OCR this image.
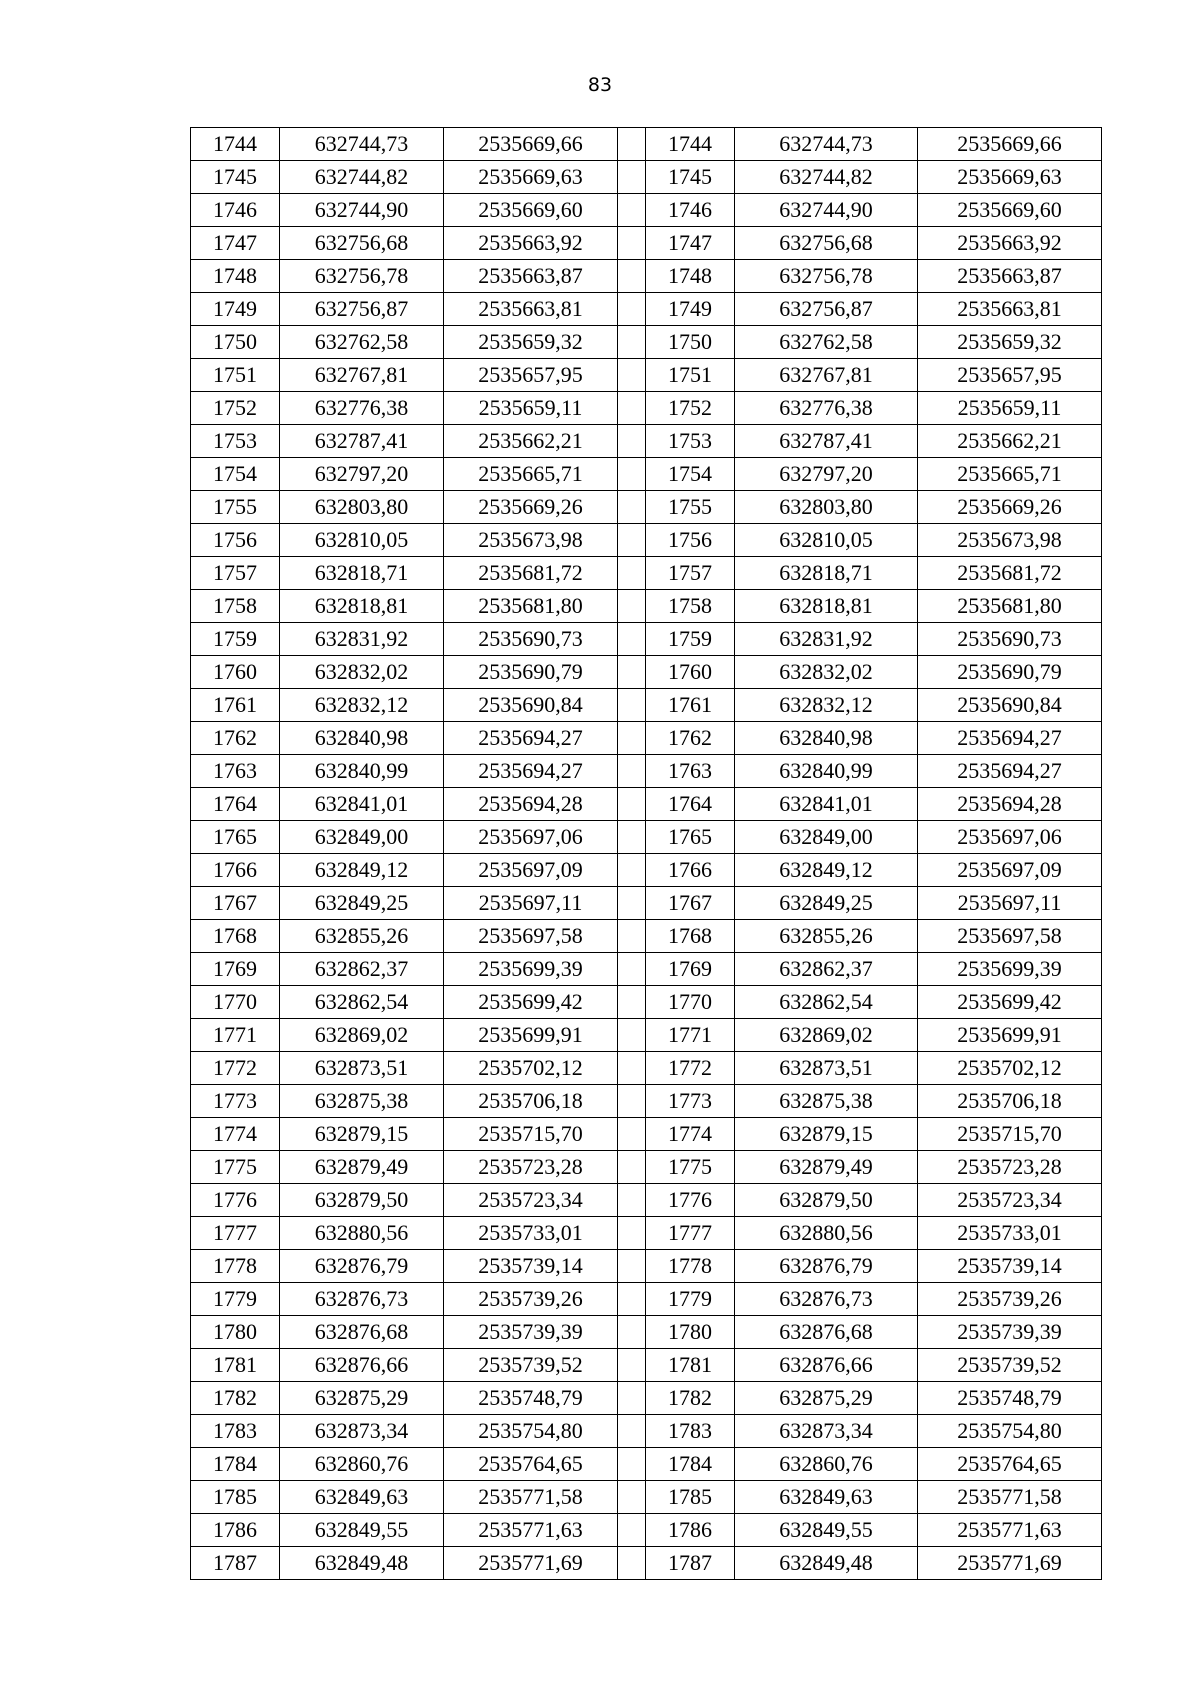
83
1744	632744,73	2535669,66		1744	632744,73	2535669,66
1745	632744,82	2535669,63		1745	632744,82	2535669,63
1746	632744,90	2535669,60		1746	632744,90	2535669,60
1747	632756,68	2535663,92		1747	632756,68	2535663,92
1748	632756,78	2535663,87		1748	632756,78	2535663,87
1749	632756,87	2535663,81		1749	632756,87	2535663,81
1750	632762,58	2535659,32		1750	632762,58	2535659,32
1751	632767,81	2535657,95		1751	632767,81	2535657,95
1752	632776,38	2535659,11		1752	632776,38	2535659,11
1753	632787,41	2535662,21		1753	632787,41	2535662,21
1754	632797,20	2535665,71		1754	632797,20	2535665,71
1755	632803,80	2535669,26		1755	632803,80	2535669,26
1756	632810,05	2535673,98		1756	632810,05	2535673,98
1757	632818,71	2535681,72		1757	632818,71	2535681,72
1758	632818,81	2535681,80		1758	632818,81	2535681,80
1759	632831,92	2535690,73		1759	632831,92	2535690,73
1760	632832,02	2535690,79		1760	632832,02	2535690,79
1761	632832,12	2535690,84		1761	632832,12	2535690,84
1762	632840,98	2535694,27		1762	632840,98	2535694,27
1763	632840,99	2535694,27		1763	632840,99	2535694,27
1764	632841,01	2535694,28		1764	632841,01	2535694,28
1765	632849,00	2535697,06		1765	632849,00	2535697,06
1766	632849,12	2535697,09		1766	632849,12	2535697,09
1767	632849,25	2535697,11		1767	632849,25	2535697,11
1768	632855,26	2535697,58		1768	632855,26	2535697,58
1769	632862,37	2535699,39		1769	632862,37	2535699,39
1770	632862,54	2535699,42		1770	632862,54	2535699,42
1771	632869,02	2535699,91		1771	632869,02	2535699,91
1772	632873,51	2535702,12		1772	632873,51	2535702,12
1773	632875,38	2535706,18		1773	632875,38	2535706,18
1774	632879,15	2535715,70		1774	632879,15	2535715,70
1775	632879,49	2535723,28		1775	632879,49	2535723,28
1776	632879,50	2535723,34		1776	632879,50	2535723,34
1777	632880,56	2535733,01		1777	632880,56	2535733,01
1778	632876,79	2535739,14		1778	632876,79	2535739,14
1779	632876,73	2535739,26		1779	632876,73	2535739,26
1780	632876,68	2535739,39		1780	632876,68	2535739,39
1781	632876,66	2535739,52		1781	632876,66	2535739,52
1782	632875,29	2535748,79		1782	632875,29	2535748,79
1783	632873,34	2535754,80		1783	632873,34	2535754,80
1784	632860,76	2535764,65		1784	632860,76	2535764,65
1785	632849,63	2535771,58		1785	632849,63	2535771,58
1786	632849,55	2535771,63		1786	632849,55	2535771,63
1787	632849,48	2535771,69		1787	632849,48	2535771,69
